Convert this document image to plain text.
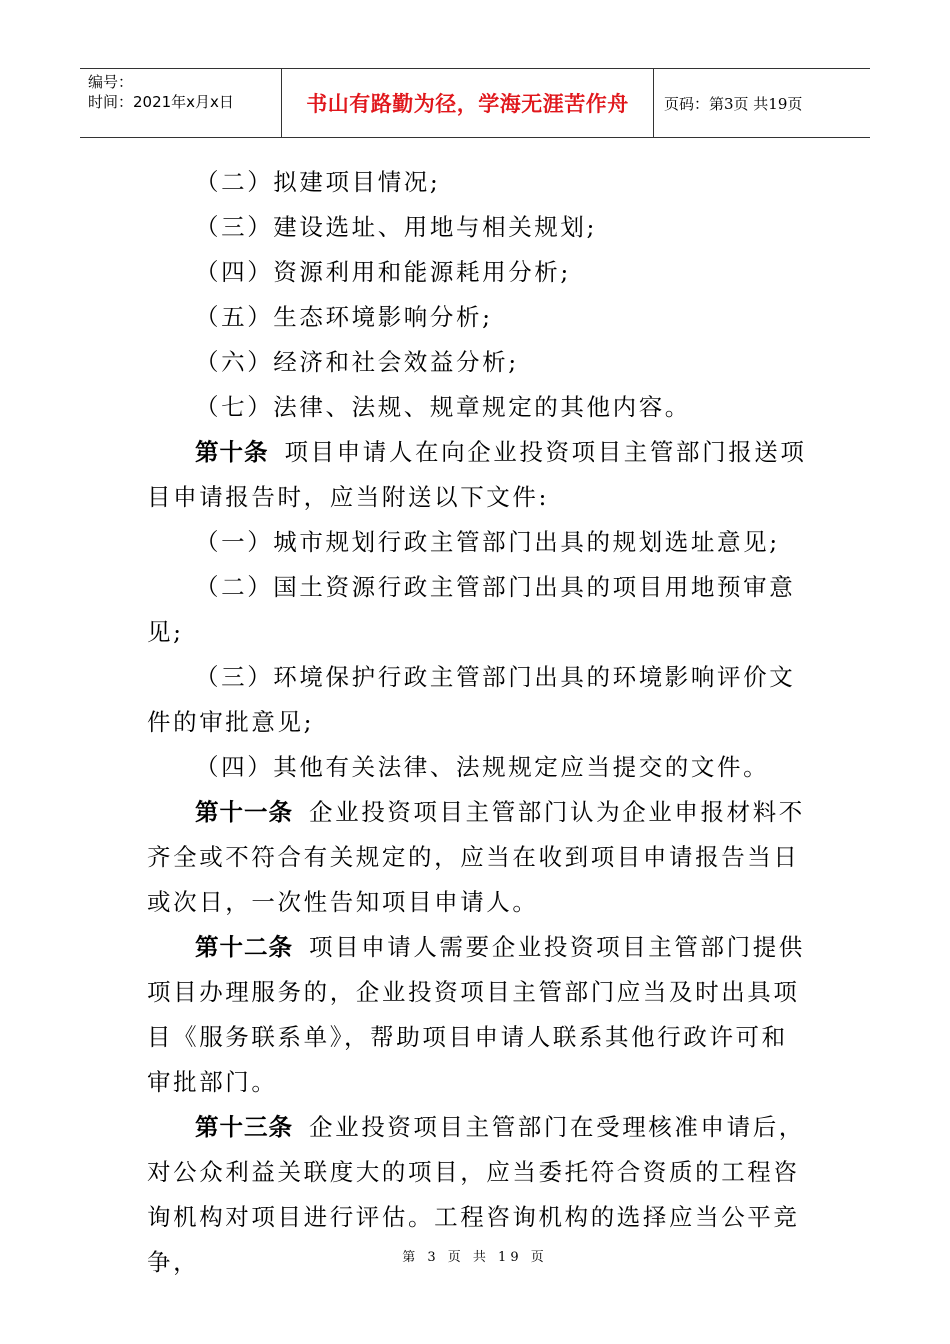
编号：
时间：2021年x月x日	书山有路勤为径，学海无涯苦作舟	页码：第3页 共19页

（二）拟建项目情况;

（三）建设选址、用地与相关规划;

（四）资源利用和能源耗用分析;

（五）生态环境影响分析;

（六）经济和社会效益分析;

（七）法律、法规、规章规定的其他内容。

第十条 项目申请人在向企业投资项目主管部门报送项目申请报告时，应当附送以下文件:

（一）城市规划行政主管部门出具的规划选址意见;

（二）国土资源行政主管部门出具的项目用地预审意见;

（三）环境保护行政主管部门出具的环境影响评价文件的审批意见;

（四）其他有关法律、法规规定应当提交的文件。

第十一条 企业投资项目主管部门认为企业申报材料不齐全或不符合有关规定的，应当在收到项目申请报告当日或次日，一次性告知项目申请人。

第十二条 项目申请人需要企业投资项目主管部门提供项目办理服务的，企业投资项目主管部门应当及时出具项目《服务联系单》，帮助项目申请人联系其他行政许可和审批部门。

第十三条 企业投资项目主管部门在受理核准申请后，对公众利益关联度大的项目，应当委托符合资质的工程咨询机构对项目进行评估。工程咨询机构的选择应当公平竞争，	第 3 页 共 19 页
